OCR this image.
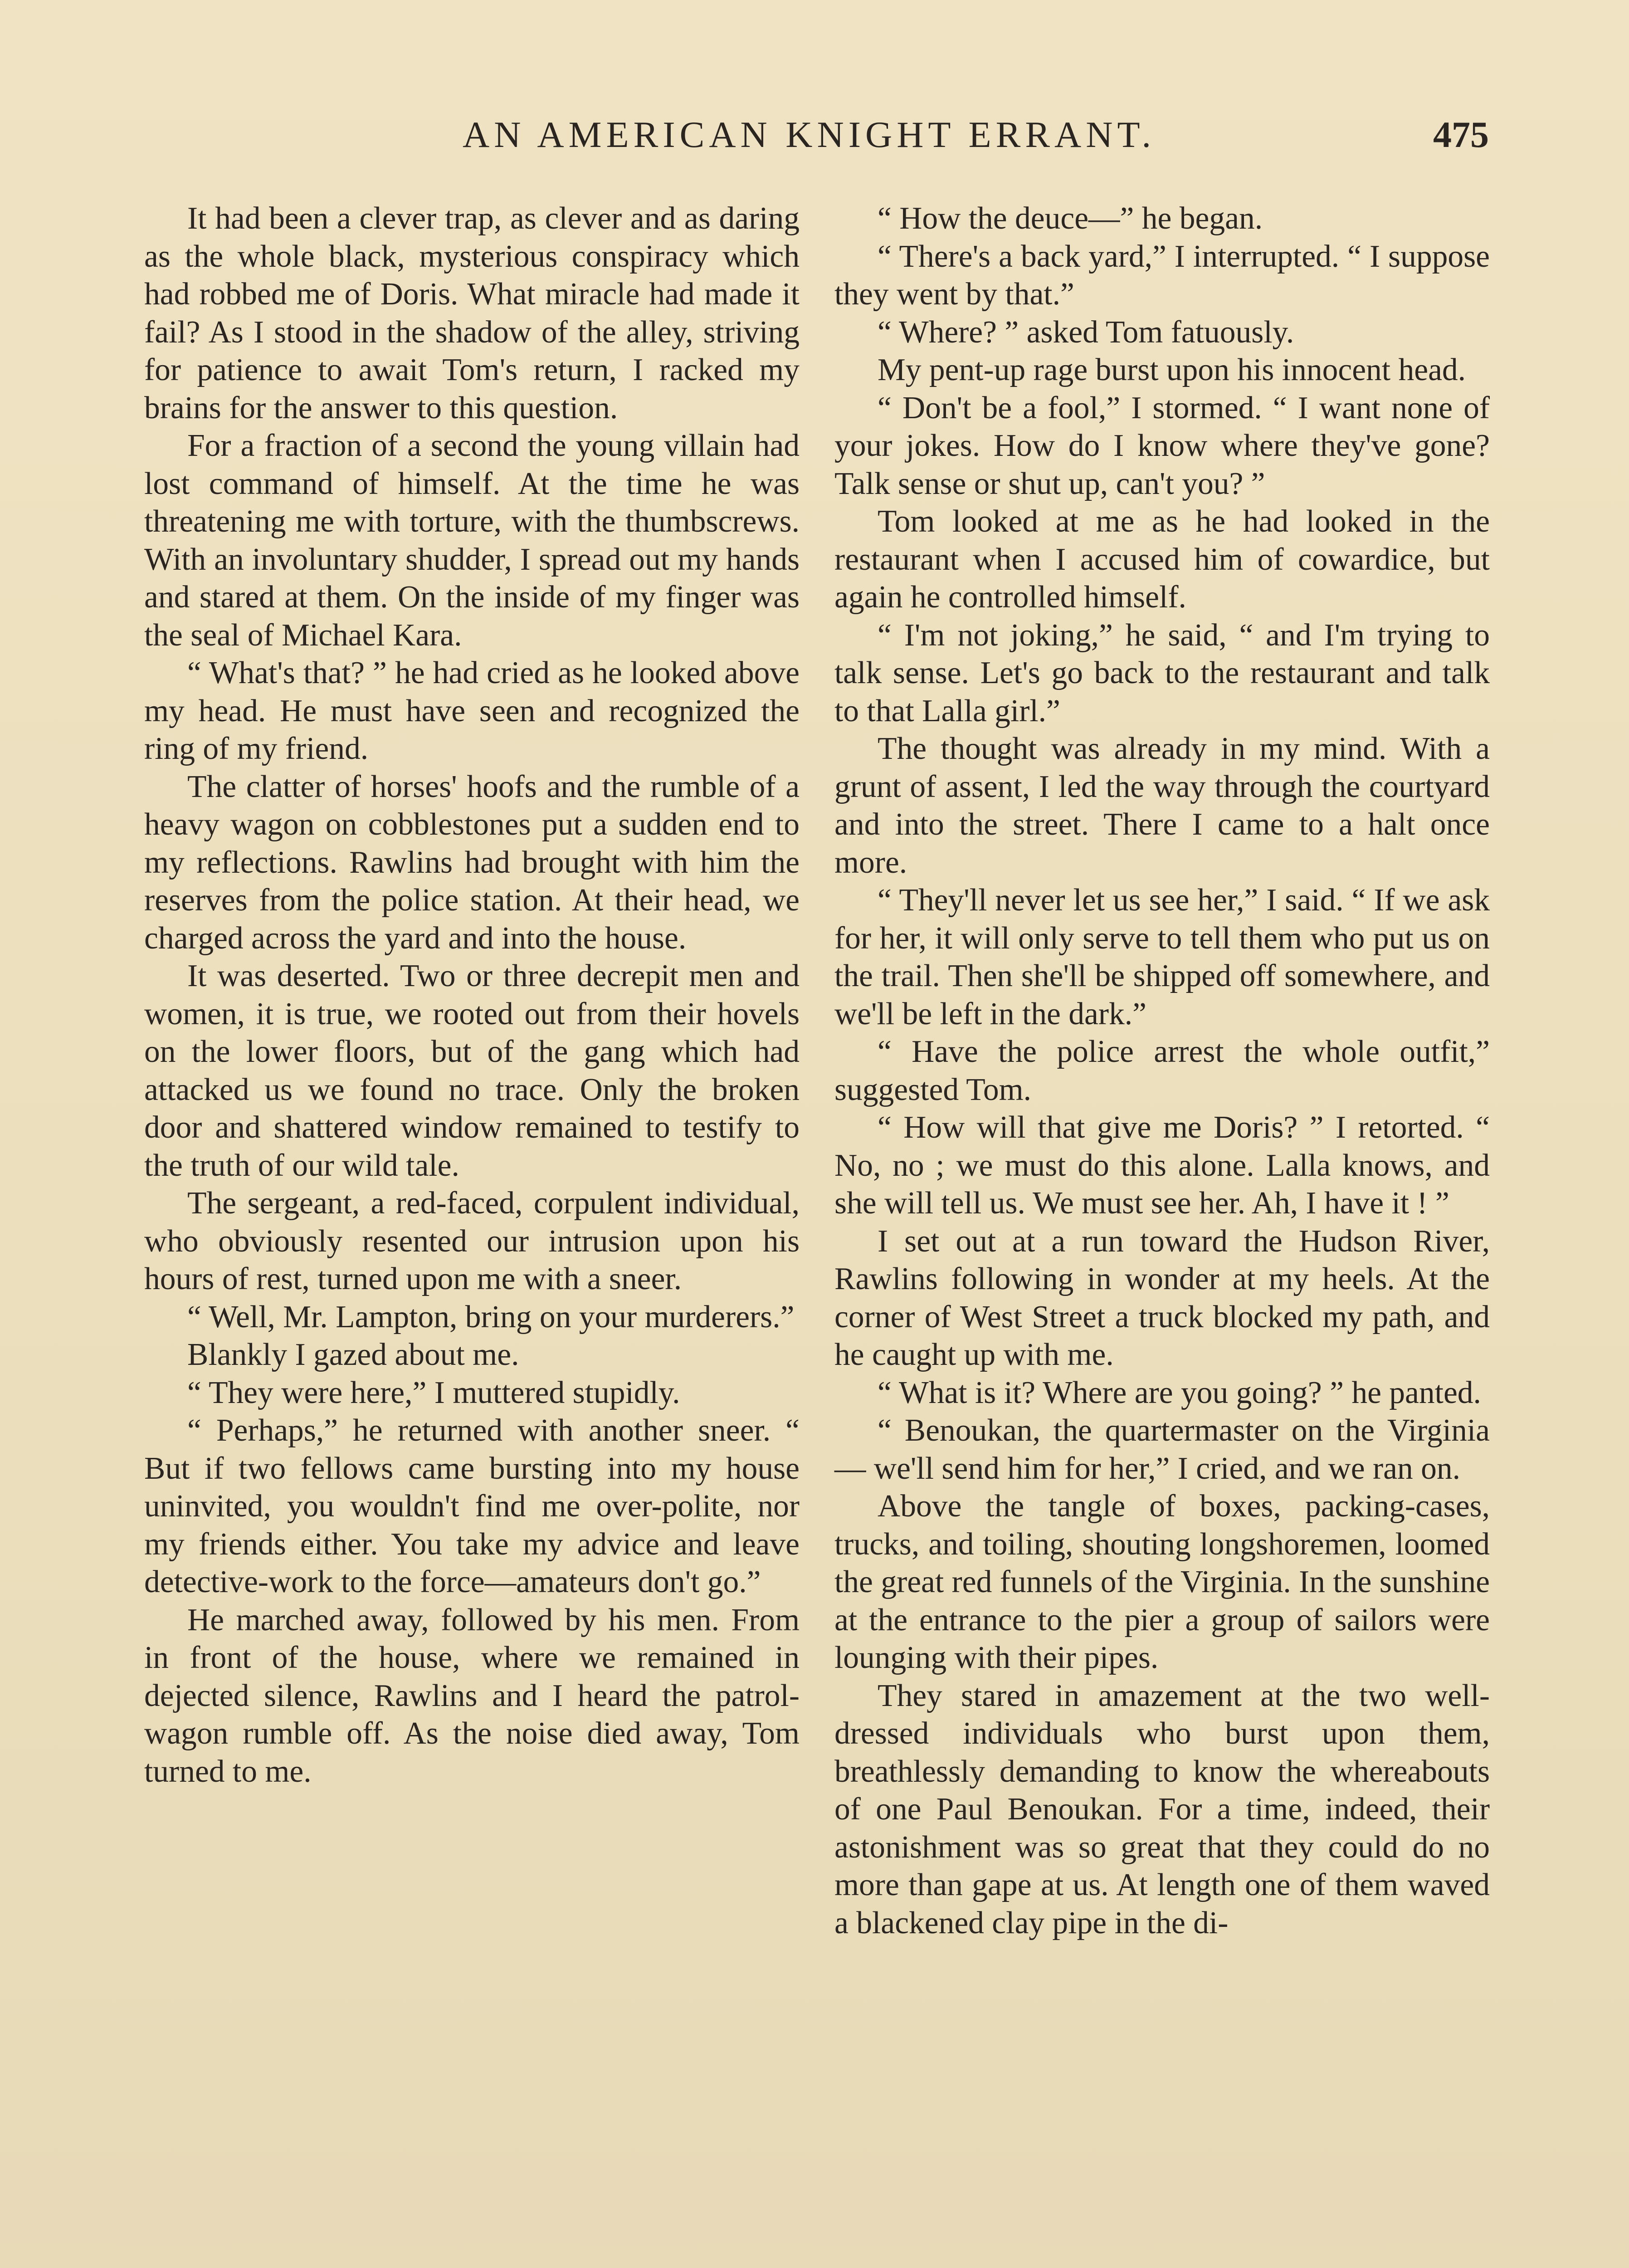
AN AMERICAN KNIGHT ERRANT.	475

It had been a clever trap, as clever and as daring as the whole black, mysterious conspiracy which had robbed me of Doris. What miracle had made it fail? As I stood in the shadow of the alley, striving for patience to await Tom's return, I racked my brains for the answer to this question.

For a fraction of a second the young villain had lost command of himself. At the time he was threatening me with torture, with the thumbscrews. With an involuntary shudder, I spread out my hands and stared at them. On the inside of my finger was the seal of Michael Kara.

“ What's that? ” he had cried as he looked above my head. He must have seen and recognized the ring of my friend.

The clatter of horses' hoofs and the rumble of a heavy wagon on cobblestones put a sudden end to my reflections. Rawlins had brought with him the reserves from the police station. At their head, we charged across the yard and into the house.

It was deserted. Two or three decrepit men and women, it is true, we rooted out from their hovels on the lower floors, but of the gang which had attacked us we found no trace. Only the broken door and shattered window remained to testify to the truth of our wild tale.

The sergeant, a red-faced, corpulent individual, who obviously resented our intrusion upon his hours of rest, turned upon me with a sneer.

“ Well, Mr. Lampton, bring on your murderers.”

Blankly I gazed about me.

“ They were here,” I muttered stupidly.

“ Perhaps,” he returned with another sneer. “ But if two fellows came bursting into my house uninvited, you wouldn't find me over-polite, nor my friends either. You take my advice and leave detective-work to the force—amateurs don't go.”

He marched away, followed by his men. From in front of the house, where we remained in dejected silence, Rawlins and I heard the patrol-wagon rumble off. As the noise died away, Tom turned to me.

“ How the deuce—” he began.

“ There's a back yard,” I interrupted. “ I suppose they went by that.”

“ Where? ” asked Tom fatuously.

My pent-up rage burst upon his innocent head.

“ Don't be a fool,” I stormed. “ I want none of your jokes. How do I know where they've gone? Talk sense or shut up, can't you? ”

Tom looked at me as he had looked in the restaurant when I accused him of cowardice, but again he controlled himself.

“ I'm not joking,” he said, “ and I'm trying to talk sense. Let's go back to the restaurant and talk to that Lalla girl.”

The thought was already in my mind. With a grunt of assent, I led the way through the courtyard and into the street. There I came to a halt once more.

“ They'll never let us see her,” I said. “ If we ask for her, it will only serve to tell them who put us on the trail. Then she'll be shipped off somewhere, and we'll be left in the dark.”

“ Have the police arrest the whole outfit,” suggested Tom.

“ How will that give me Doris? ” I retorted. “ No, no ; we must do this alone. Lalla knows, and she will tell us. We must see her. Ah, I have it ! ”

I set out at a run toward the Hudson River, Rawlins following in wonder at my heels. At the corner of West Street a truck blocked my path, and he caught up with me.

“ What is it? Where are you going? ” he panted.

“ Benoukan, the quartermaster on the Virginia — we'll send him for her,” I cried, and we ran on.

Above the tangle of boxes, packing-cases, trucks, and toiling, shouting longshoremen, loomed the great red funnels of the Virginia. In the sunshine at the entrance to the pier a group of sailors were lounging with their pipes.

They stared in amazement at the two well-dressed individuals who burst upon them, breathlessly demanding to know the whereabouts of one Paul Benoukan. For a time, indeed, their astonishment was so great that they could do no more than gape at us. At length one of them waved a blackened clay pipe in the di-
